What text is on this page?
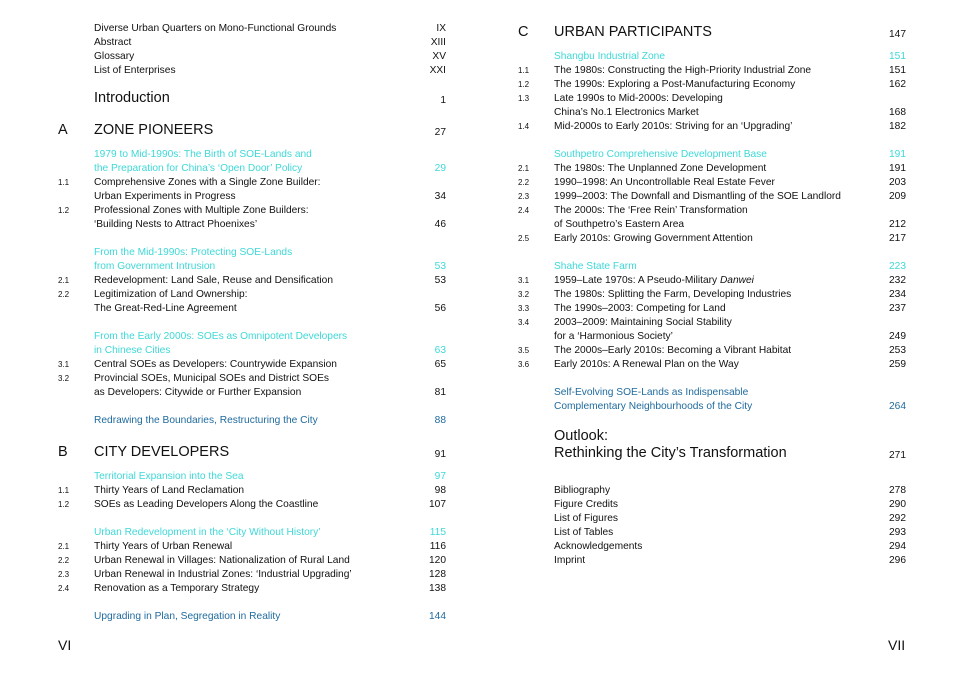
Diverse Urban Quarters on Mono-Functional Grounds	IX
Abstract	XIII
Glossary	XV
List of Enterprises	XXI
Introduction	1
A ZONE PIONEERS	27
1979 to Mid-1990s: The Birth of SOE-Lands and
the Preparation for China’s ‘Open Door’ Policy	29
1.1 Comprehensive Zones with a Single Zone Builder:
Urban Experiments in Progress	34
1.2 Professional Zones with Multiple Zone Builders:
‘Building Nests to Attract Phoenixes’	46
From the Mid-1990s: Protecting SOE-Lands
from Government Intrusion	53
2.1 Redevelopment: Land Sale, Reuse and Densification	53
2.2 Legitimization of Land Ownership:
The Great-Red-Line Agreement	56
From the Early 2000s: SOEs as Omnipotent Developers
in Chinese Cities	63
3.1 Central SOEs as Developers: Countrywide Expansion	65
3.2 Provincial SOEs, Municipal SOEs and District SOEs
as Developers: Citywide or Further Expansion	81
Redrawing the Boundaries, Restructuring the City	88
B CITY DEVELOPERS	91
Territorial Expansion into the Sea	97
1.1 Thirty Years of Land Reclamation	98
1.2 SOEs as Leading Developers Along the Coastline	107
Urban Redevelopment in the ‘City Without History’	115
2.1 Thirty Years of Urban Renewal	116
2.2 Urban Renewal in Villages: Nationalization of Rural Land	120
2.3 Urban Renewal in Industrial Zones: ‘Industrial Upgrading’	128
2.4 Renovation as a Temporary Strategy	138
Upgrading in Plan, Segregation in Reality	144
VI
C URBAN PARTICIPANTS	147
Shangbu Industrial Zone	151
1.1 The 1980s: Constructing the High-Priority Industrial Zone	151
1.2 The 1990s: Exploring a Post-Manufacturing Economy	162
1.3 Late 1990s to Mid-2000s: Developing
China’s No.1 Electronics Market	168
1.4 Mid-2000s to Early 2010s: Striving for an ‘Upgrading’	182
Southpetro Comprehensive Development Base	191
2.1 The 1980s: The Unplanned Zone Development	191
2.2 1990–1998: An Uncontrollable Real Estate Fever	203
2.3 1999–2003: The Downfall and Dismantling of the SOE Landlord	209
2.4 The 2000s: The ‘Free Rein’ Transformation
of Southpetro’s Eastern Area	212
2.5 Early 2010s: Growing Government Attention	217
Shahe State Farm	223
3.1 1959–Late 1970s: A Pseudo-Military Danwei	232
3.2 The 1980s: Splitting the Farm, Developing Industries	234
3.3 The 1990s–2003: Competing for Land	237
3.4 2003–2009: Maintaining Social Stability
for a ‘Harmonious Society’	249
3.5 The 2000s–Early 2010s: Becoming a Vibrant Habitat	253
3.6 Early 2010s: A Renewal Plan on the Way	259
Self-Evolving SOE-Lands as Indispensable
Complementary Neighbourhoods of the City	264
Outlook:
Rethinking the City’s Transformation	271
Bibliography	278
Figure Credits	290
List of Figures	292
List of Tables	293
Acknowledgements	294
Imprint	296
VII
